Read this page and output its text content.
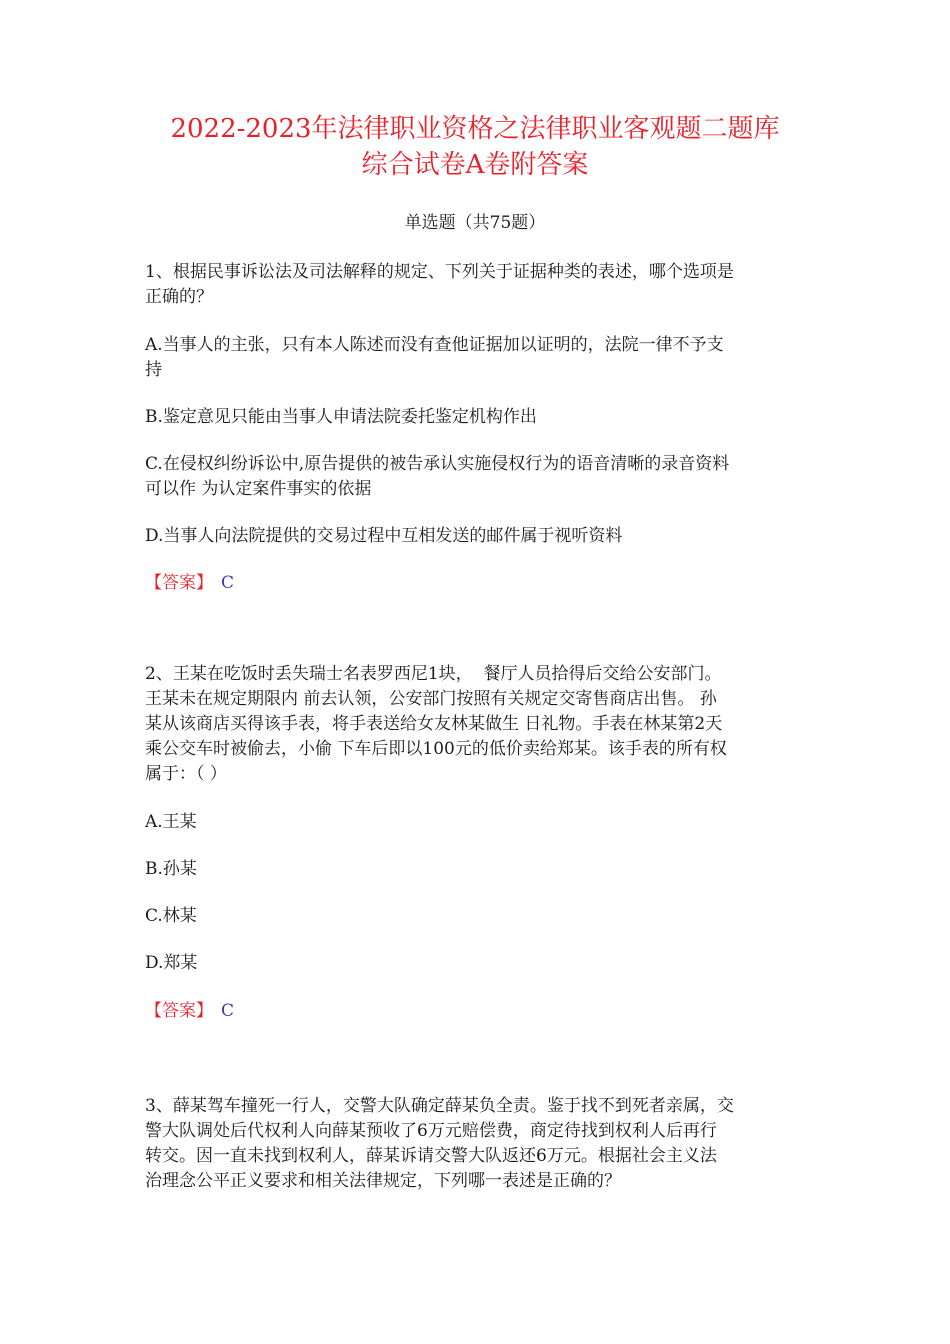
2022-2023年法律职业资格之法律职业客观题二题库
综合试卷A卷附答案
单选题（共75题）
1、根据民事诉讼法及司法解释的规定、下列关于证据种类的表述，哪个选项是
正确的？
A.当事人的主张，只有本人陈述而没有查他证据加以证明的，法院一律不予支
持
B.鉴定意见只能由当事人申请法院委托鉴定机构作出
C.在侵权纠纷诉讼中,原告提供的被告承认实施侵权行为的语音清晰的录音资料
可以作 为认定案件事实的依据
D.当事人向法院提供的交易过程中互相发送的邮件属于视听资料
【答案】 C
2、王某在吃饭时丢失瑞士名表罗西尼1块，  餐厅人员拾得后交给公安部门。
王某未在规定期限内 前去认领，公安部门按照有关规定交寄售商店出售。 孙
某从该商店买得该手表，将手表送给女友林某做生 日礼物。手表在林某第2天
乘公交车时被偷去，小偷 下车后即以100元的低价卖给郑某。该手表的所有权
属于：（ ）
A.王某
B.孙某
C.林某
D.郑某
【答案】 C
3、薛某驾车撞死一行人，交警大队确定薛某负全责。鉴于找不到死者亲属，交
警大队调处后代权利人向薛某预收了6万元赔偿费，商定待找到权利人后再行
转交。因一直未找到权利人，薛某诉请交警大队返还6万元。根据社会主义法
治理念公平正义要求和相关法律规定，下列哪一表述是正确的？
